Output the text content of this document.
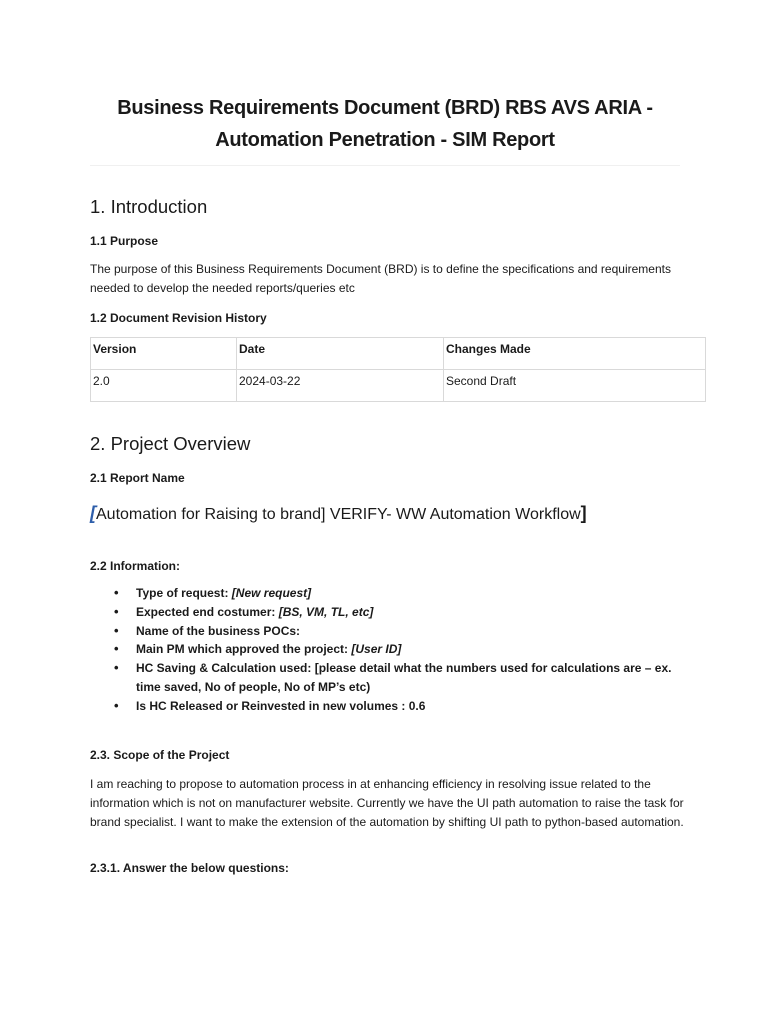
Business Requirements Document (BRD) RBS AVS ARIA -
Automation Penetration - SIM Report
1. Introduction
1.1 Purpose

The purpose of this Business Requirements Document (BRD) is to define the specifications and requirements needed to develop the needed reports/queries etc

1.2 Document Revision History
Version	Date	Changes Made
2.0	2024-03-22	Second Draft
2. Project Overview
2.1 Report Name

[Automation for Raising to brand] VERIFY- WW Automation Workflow]

2.2 Information:
• Type of request: [New request]
• Expected end costumer: [BS, VM, TL, etc]
• Name of the business POCs:
• Main PM which approved the project: [User ID]
• HC Saving & Calculation used: [please detail what the numbers used for calculations are – ex. time saved, No of people, No of MP’s etc)
• Is HC Released or Reinvested in new volumes : 0.6
2.3. Scope of the Project

I am reaching to propose to automation process in at enhancing efficiency in resolving issue related to the information which is not on manufacturer website. Currently we have the UI path automation to raise the task for brand specialist. I want to make the extension of the automation by shifting UI path to python-based automation.

2.3.1. Answer the below questions:
